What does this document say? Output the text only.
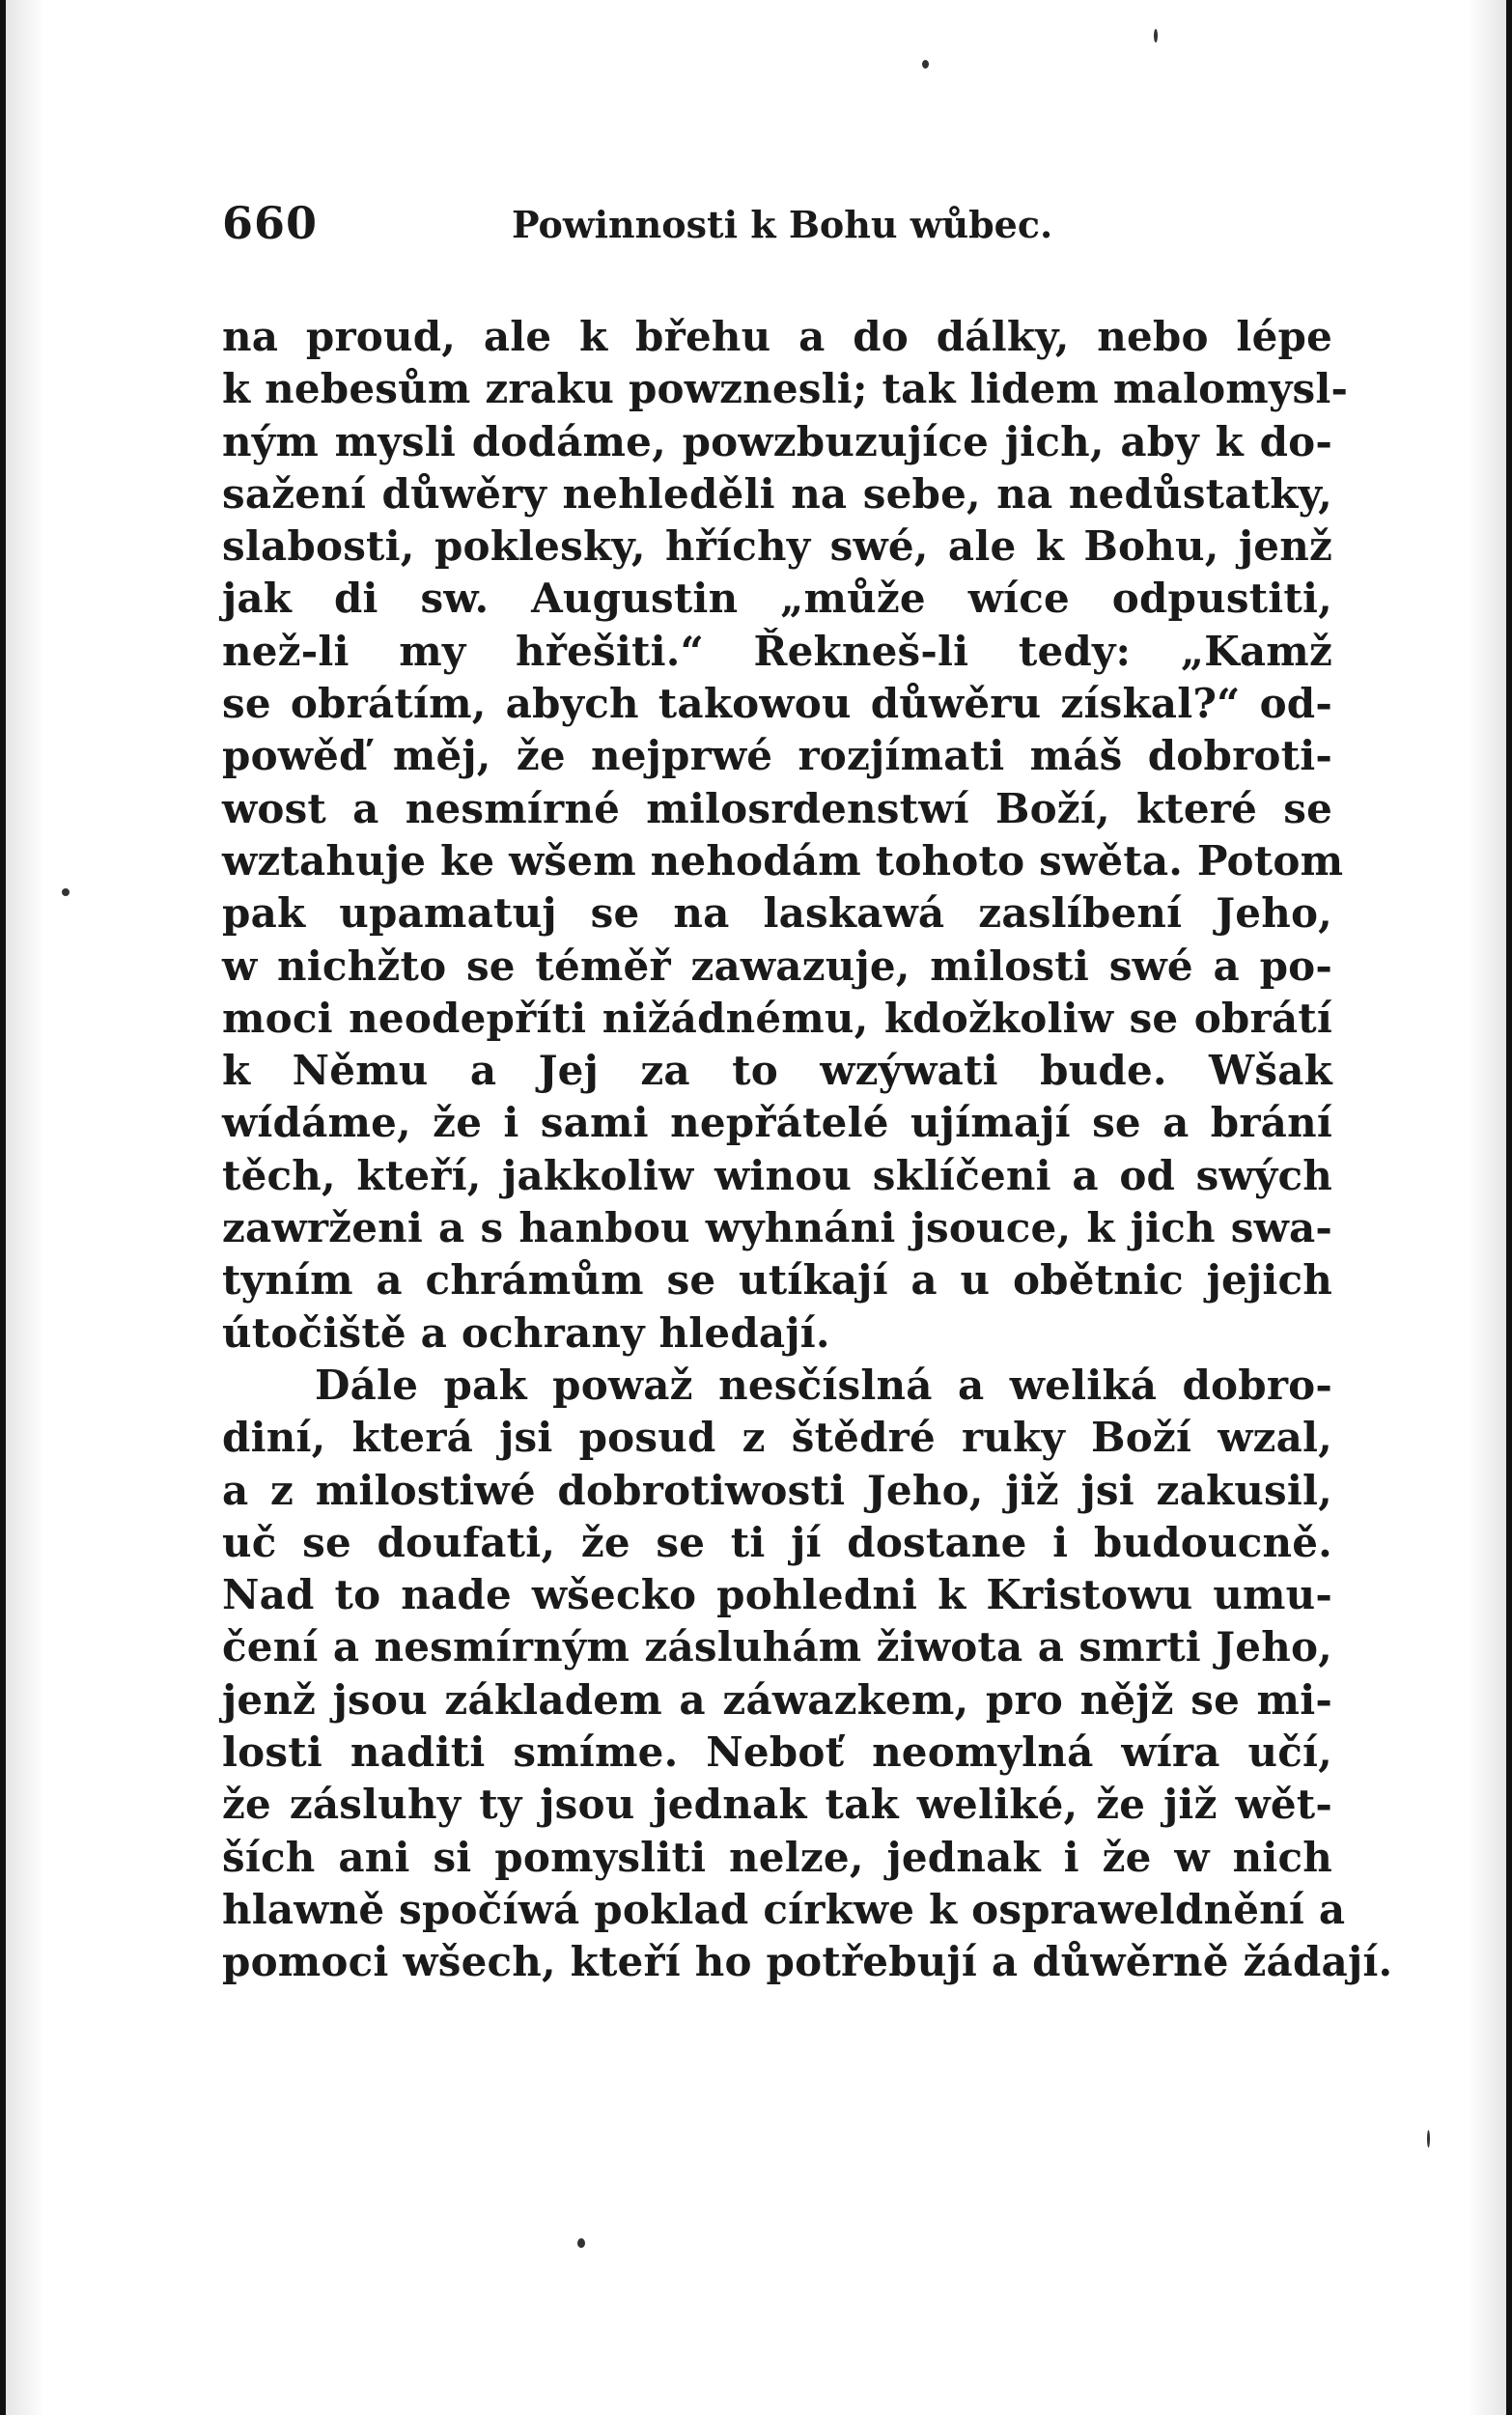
660	Powinnosti k Bohu wůbec.
na proud, ale k břehu a do dálky, nebo lépe
k nebesům zraku powznesli; tak lidem malomysl-
ným mysli dodáme, powzbuzujíce jich, aby k do-
sažení důwěry nehleděli na sebe, na nedůstatky,
slabosti, poklesky, hříchy swé, ale k Bohu, jenž
jak di sw. Augustin „může wíce odpustiti,
než-li my hřešiti.“ Řekneš-li tedy: „Kamž
se obrátím, abych takowou důwěru získal?“ od-
powěď měj, že nejprwé rozjímati máš dobroti-
wost a nesmírné milosrdenstwí Boží, které se
wztahuje ke wšem nehodám tohoto swěta. Potom
pak upamatuj se na laskawá zaslíbení Jeho,
w nichžto se téměř zawazuje, milosti swé a po-
moci neodepříti nižádnému, kdožkoliw se obrátí
k Němu a Jej za to wzýwati bude. Wšak
wídáme, že i sami nepřátelé ujímají se a brání
těch, kteří, jakkoliw winou sklíčeni a od swých
zawrženi a s hanbou wyhnáni jsouce, k jich swa-
tyním a chrámům se utíkají a u obětnic jejich
útočiště a ochrany hledají.
Dále pak powaž nesčíslná a weliká dobro-
diní, která jsi posud z štědré ruky Boží wzal,
a z milostiwé dobrotiwosti Jeho, již jsi zakusil,
uč se doufati, že se ti jí dostane i budoucně.
Nad to nade wšecko pohledni k Kristowu umu-
čení a nesmírným zásluhám žiwota a smrti Jeho,
jenž jsou základem a záwazkem, pro nějž se mi-
losti naditi smíme. Neboť neomylná wíra učí,
že zásluhy ty jsou jednak tak weliké, že již wět-
ších ani si pomysliti nelze, jednak i že w nich
hlawně spočíwá poklad církwe k ospraweldnění a
pomoci wšech, kteří ho potřebují a důwěrně žádají.
